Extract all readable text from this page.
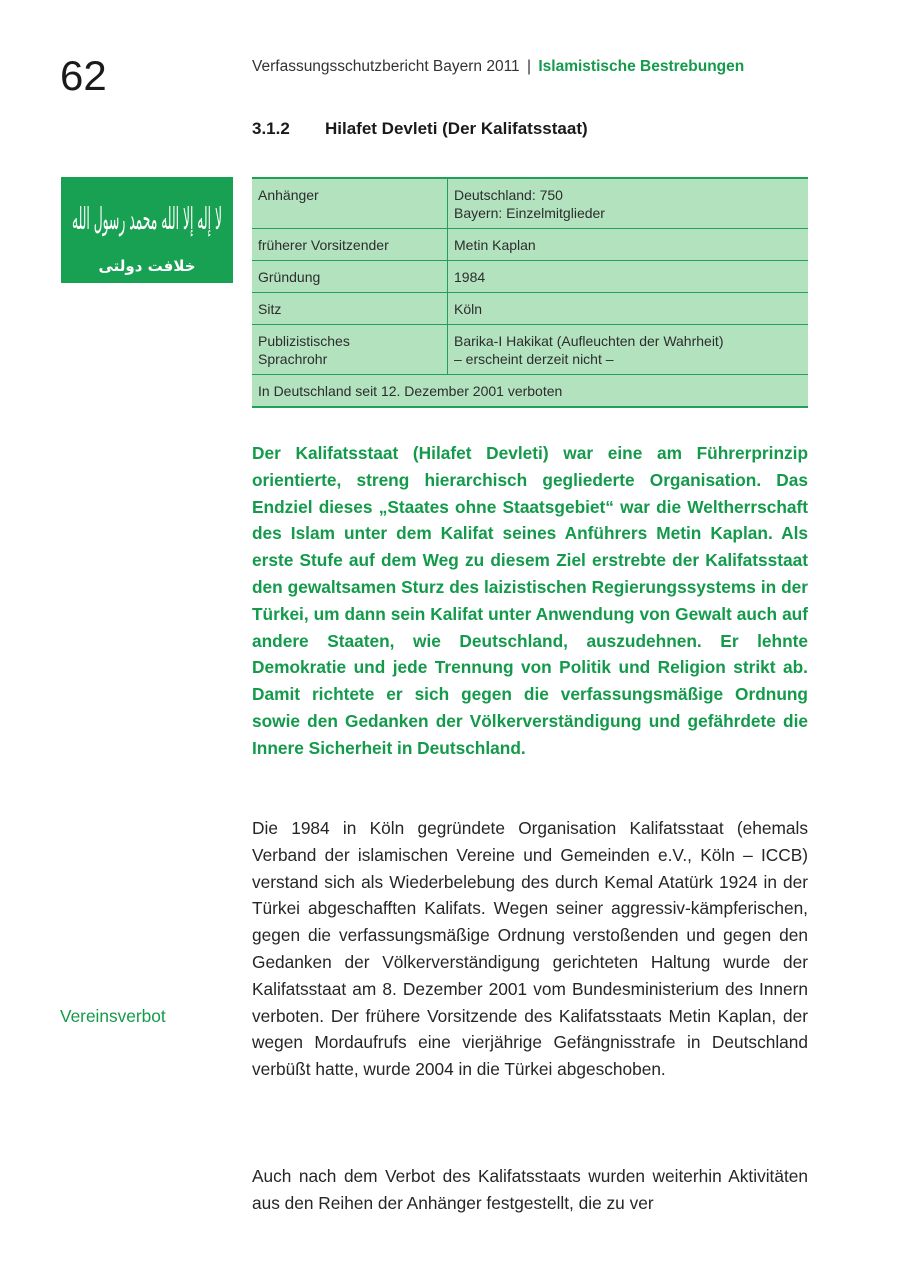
62	Verfassungsschutzbericht Bayern 2011 | Islamistische Bestrebungen
3.1.2 Hilafet Devleti (Der Kalifatsstaat)
لا إله إلا الله محمد رسول الله
خلافت دولتی
Anhänger	Deutschland: 750
Bayern: Einzelmitglieder
früherer Vorsitzender	Metin Kaplan
Gründung	1984
Sitz	Köln
Publizistisches
Sprachrohr	Barika-I Hakikat (Aufleuchten der Wahrheit)
– erscheint derzeit nicht –
In Deutschland seit 12. Dezember 2001 verboten	

Der Kalifatsstaat (Hilafet Devleti) war eine am Führerprinzip orientierte, streng hierarchisch gegliederte Organisation. Das Endziel dieses „Staates ohne Staatsgebiet“ war die Weltherrschaft des Islam unter dem Kalifat seines Anführers Metin Kaplan. Als erste Stufe auf dem Weg zu diesem Ziel erstrebte der Kalifatsstaat den gewaltsamen Sturz des laizistischen Regierungssystems in der Türkei, um dann sein Kalifat unter Anwendung von Gewalt auch auf andere Staaten, wie Deutschland, auszudehnen. Er lehnte Demokratie und jede Trennung von Politik und Religion strikt ab. Damit richtete er sich gegen die verfassungsmäßige Ordnung sowie den Gedanken der Völkerverständigung und gefährdete die Innere Sicherheit in Deutschland.

Die 1984 in Köln gegründete Organisation Kalifatsstaat (ehemals Verband der islamischen Vereine und Gemeinden e.V., Köln – ICCB) verstand sich als Wiederbelebung des durch Kemal Atatürk 1924 in der Türkei abgeschafften Kalifats. Wegen seiner aggressiv-kämpferischen, gegen die verfassungsmäßige Ordnung verstoßenden und gegen den Gedanken der Völkerverständigung gerichteten Haltung wurde der Kalifatsstaat am 8. Dezember 2001 vom Bundesministerium des Innern verboten. Der frühere Vorsitzende des Kalifatsstaats Metin Kaplan, der wegen Mordaufrufs eine vierjährige Gefängnisstrafe in Deutschland verbüßt hatte, wurde 2004 in die Türkei abgeschoben.

Vereinsverbot

Auch nach dem Verbot des Kalifatsstaats wurden weiterhin Aktivitäten aus den Reihen der Anhänger festgestellt, die zu ver
